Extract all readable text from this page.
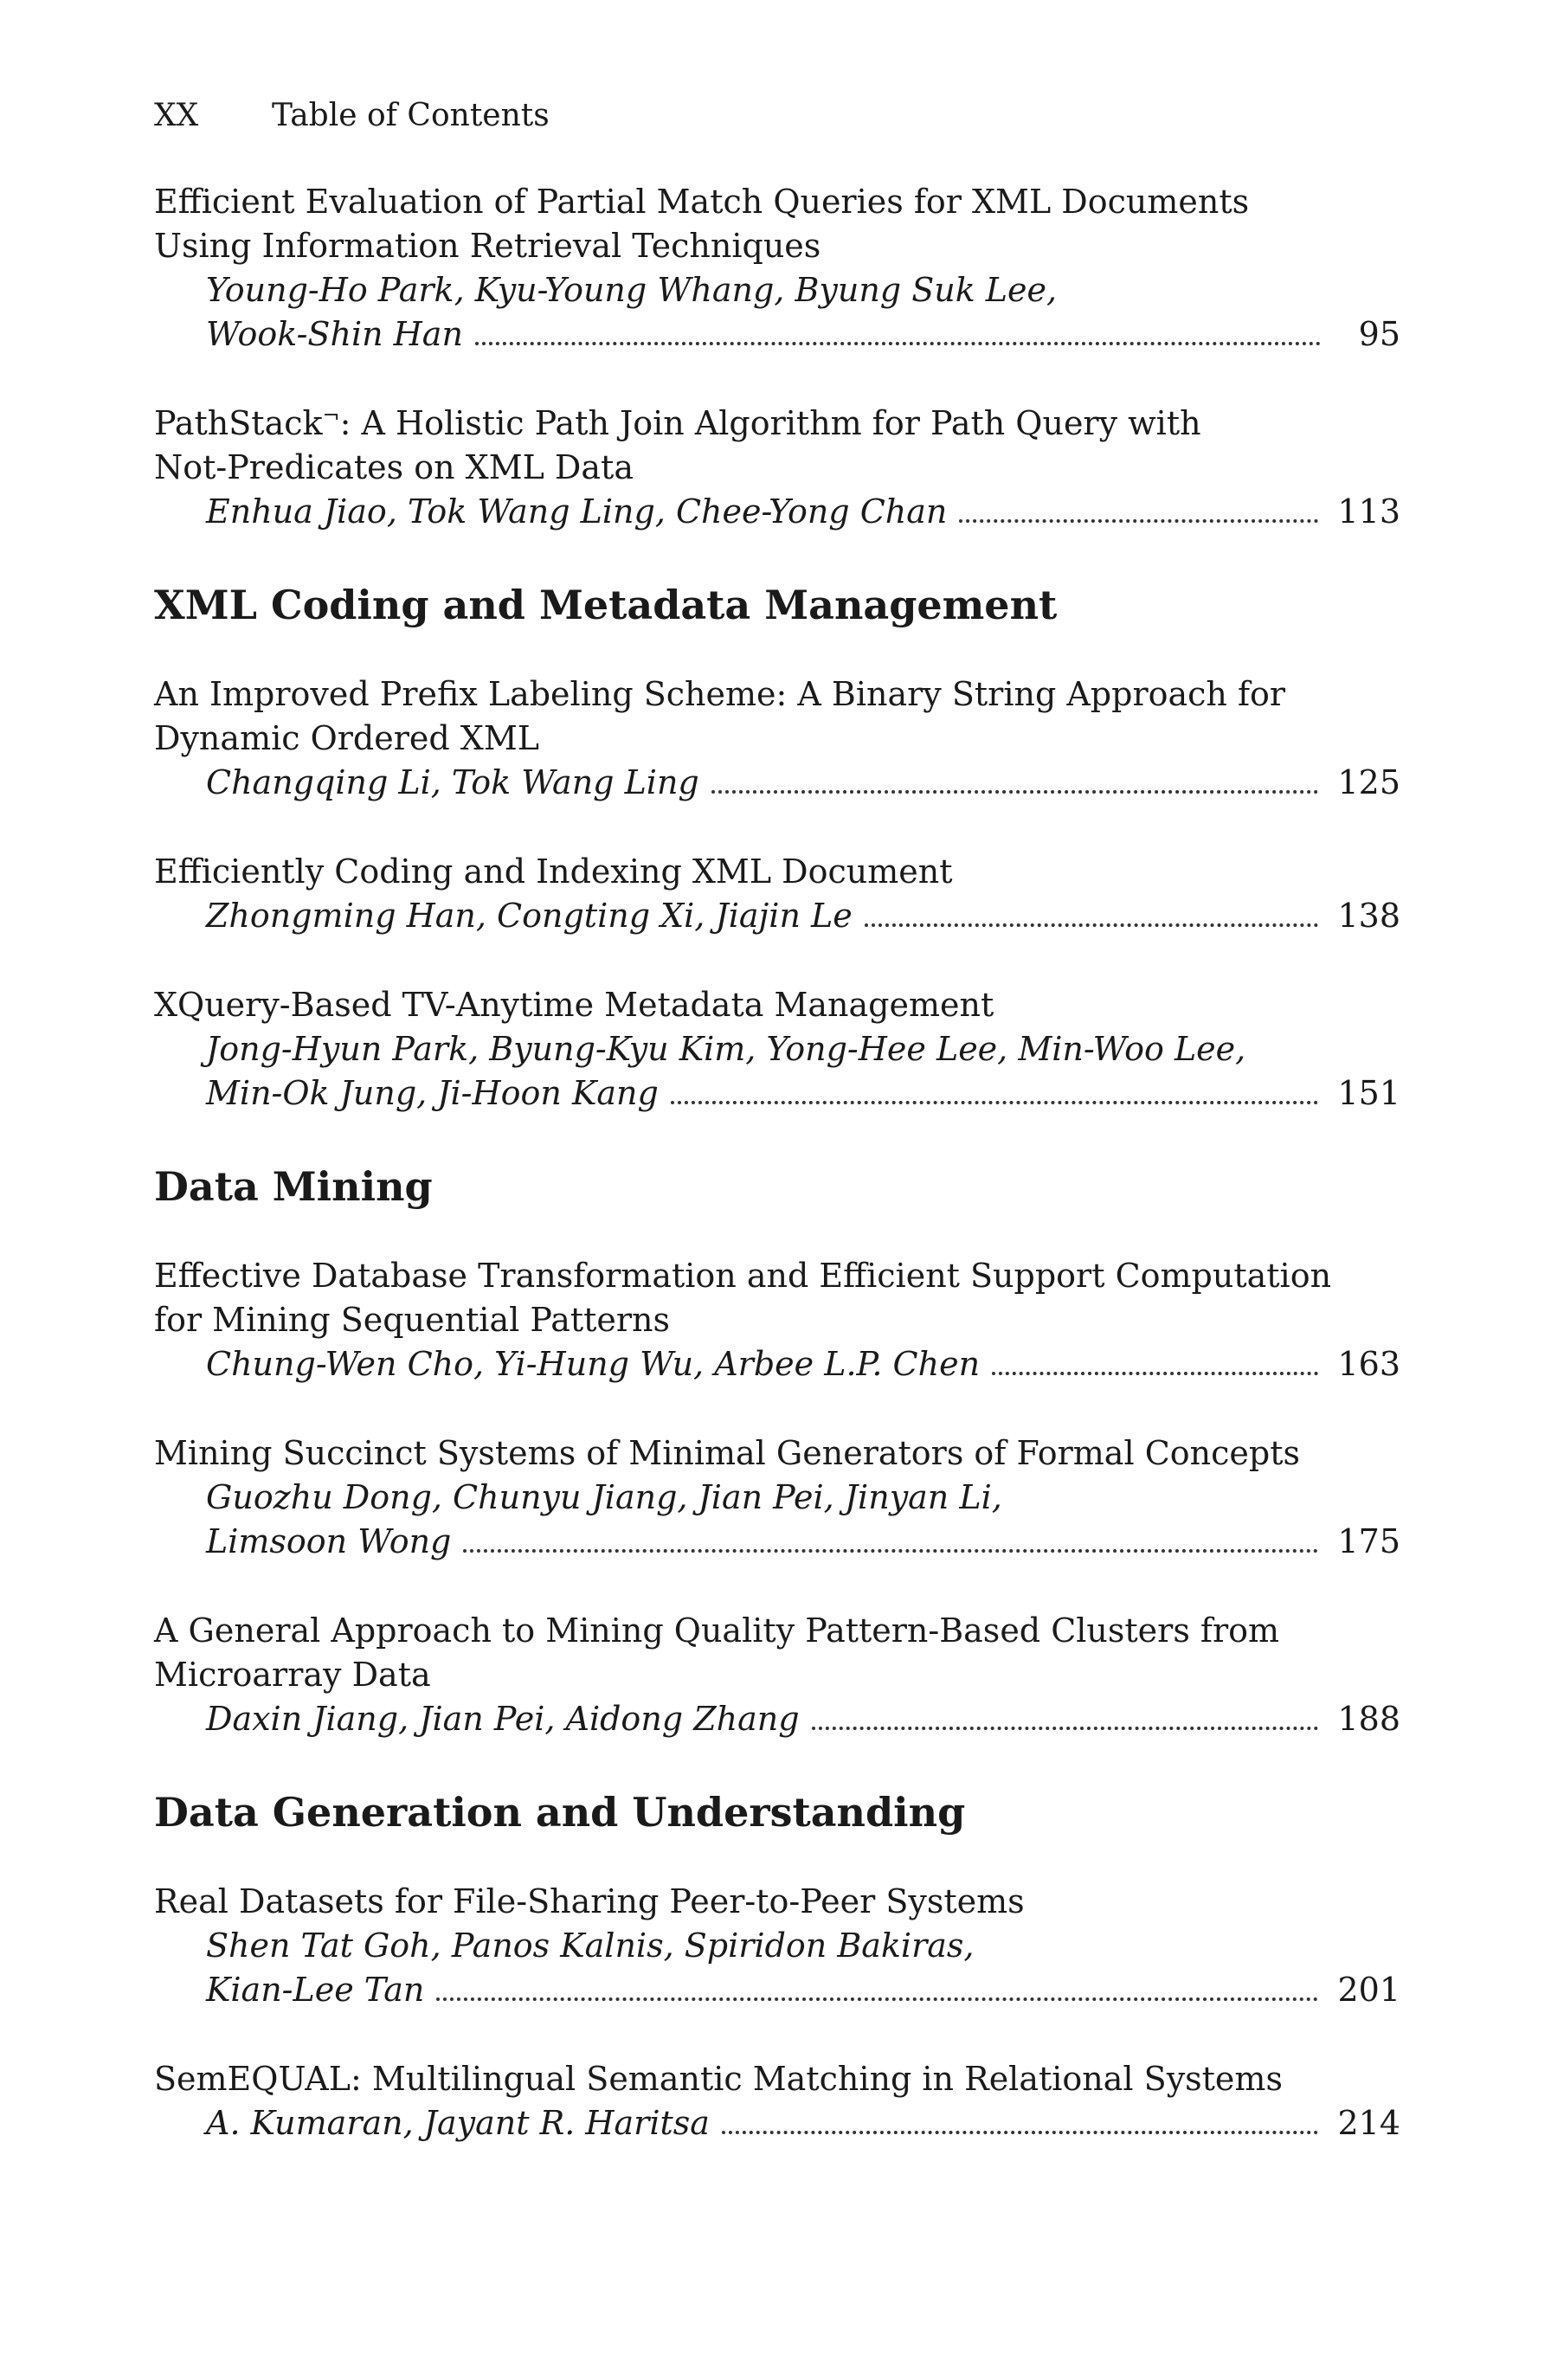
XX Table of Contents

Efficient Evaluation of Partial Match Queries for XML Documents

Using Information Retrieval Techniques

Young-Ho Park, Kyu-Young Whang, Byung Suk Lee,

Wook-Shin Han	95

PathStack¬: A Holistic Path Join Algorithm for Path Query with

Not-Predicates on XML Data

Enhua Jiao, Tok Wang Ling, Chee-Yong Chan	113

XML Coding and Metadata Management

An Improved Prefix Labeling Scheme: A Binary String Approach for

Dynamic Ordered XML

Changqing Li, Tok Wang Ling	125

Efficiently Coding and Indexing XML Document

Zhongming Han, Congting Xi, Jiajin Le	138

XQuery-Based TV-Anytime Metadata Management

Jong-Hyun Park, Byung-Kyu Kim, Yong-Hee Lee, Min-Woo Lee,

Min-Ok Jung, Ji-Hoon Kang	151

Data Mining

Effective Database Transformation and Efficient Support Computation

for Mining Sequential Patterns

Chung-Wen Cho, Yi-Hung Wu, Arbee L.P. Chen	163

Mining Succinct Systems of Minimal Generators of Formal Concepts

Guozhu Dong, Chunyu Jiang, Jian Pei, Jinyan Li,

Limsoon Wong	175

A General Approach to Mining Quality Pattern-Based Clusters from

Microarray Data

Daxin Jiang, Jian Pei, Aidong Zhang	188

Data Generation and Understanding

Real Datasets for File-Sharing Peer-to-Peer Systems

Shen Tat Goh, Panos Kalnis, Spiridon Bakiras,

Kian-Lee Tan	201

SemEQUAL: Multilingual Semantic Matching in Relational Systems

A. Kumaran, Jayant R. Haritsa	214
